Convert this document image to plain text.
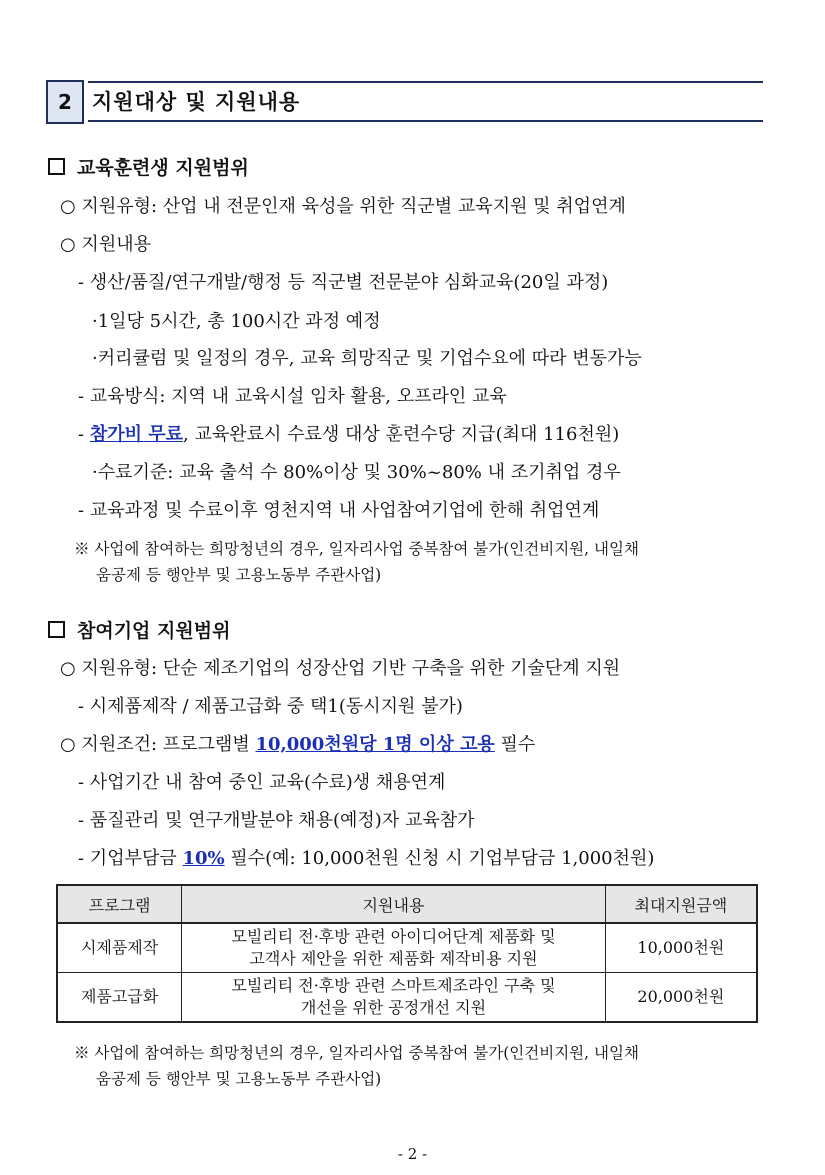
2 지원대상 및 지원내용
교육훈련생 지원범위
○ 지원유형: 산업 내 전문인재 육성을 위한 직군별 교육지원 및 취업연계
○ 지원내용
- 생산/품질/연구개발/행정 등 직군별 전문분야 심화교육(20일 과정)
·1일당 5시간, 총 100시간 과정 예정
·커리큘럼 및 일정의 경우, 교육 희망직군 및 기업수요에 따라 변동가능
- 교육방식: 지역 내 교육시설 임차 활용, 오프라인 교육
- 참가비 무료, 교육완료시 수료생 대상 훈련수당 지급(최대 116천원)
·수료기준: 교육 출석 수 80%이상 및 30%~80% 내 조기취업 경우
- 교육과정 및 수료이후 영천지역 내 사업참여기업에 한해 취업연계
※ 사업에 참여하는 희망청년의 경우, 일자리사업 중복참여 불가(인건비지원, 내일채
움공제 등 행안부 및 고용노동부 주관사업)
참여기업 지원범위
○ 지원유형: 단순 제조기업의 성장산업 기반 구축을 위한 기술단계 지원
- 시제품제작 / 제품고급화 중 택1(동시지원 불가)
○ 지원조건: 프로그램별 10,000천원당 1명 이상 고용 필수
- 사업기간 내 참여 중인 교육(수료)생 채용연계
- 품질관리 및 연구개발분야 채용(예정)자 교육참가
- 기업부담금 10% 필수(예: 10,000천원 신청 시 기업부담금 1,000천원)
프로그램	지원내용	최대지원금액
시제품제작	모빌리티 전·후방 관련 아이디어단계 제품화 및
고객사 제안을 위한 제품화 제작비용 지원	10,000천원
제품고급화	모빌리티 전·후방 관련 스마트제조라인 구축 및
개선을 위한 공정개선 지원	20,000천원
※ 사업에 참여하는 희망청년의 경우, 일자리사업 중복참여 불가(인건비지원, 내일채
움공제 등 행안부 및 고용노동부 주관사업)
- 2 -
